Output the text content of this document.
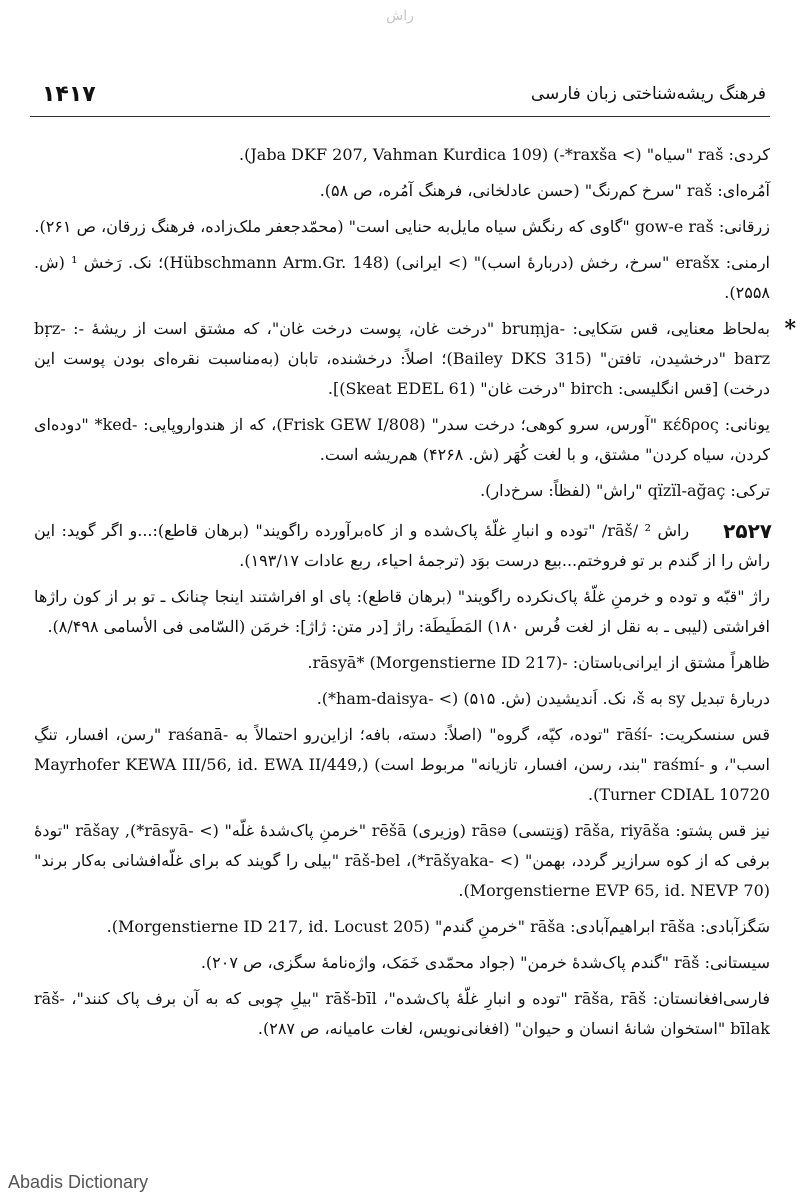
راش
۱۴۱۷	فرهنگ ریشه‌شناختی زبان فارسی

کردی: raš ‏"سیاه" (> ‎*raxša-) (Jaba DKF 207, Vahman Kurdica 109).

آمُره‌ای: raš "سرخ کم‌رنگ" (حسن عادلخانی، فرهنگ آمُره، ص ۵۸).

زرقانی: gow-e raš "گاوی که رنگش سیاه مایل‌به حنایی است" (محمّدجعفر ملک‌زاده، فرهنگ زرقان، ص ۲۶۱).

ارمنی: erašx "سرخ، رخش (دربارهٔ اسب)" (> ایرانی) (Hübschmann Arm.Gr. 148)؛ نک. رَخش ¹ (ش. ۲۵۵۸).

*

به‌لحاظ معنایی، قس سَکایی: -bruṃja "درخت غان، پوست درخت غان"، که مشتق است از ریشهٔ -bṛz- : barz "درخشیدن، تافتن" (Bailey DKS 315)؛ اصلاً: درخشنده، تابان (به‌مناسبت نقره‌ای بودن پوست این درخت) [قس انگلیسی: birch "درخت غان" (Skeat EDEL 61)].

یونانی: κέδρος "آورس، سرو کوهی؛ درخت سدر" (Frisk GEW I/808)، که از هندواروپایی: -ked* "دوده‌ای کردن، سیاه کردن" مشتق، و با لغت کُهَر (ش. ۴۲۶۸) هم‌ریشه است.

ترکی: qïzïl-ağaç "راش" (لفظاً: سرخ‌دار).

۲۵۲۷
راش ² /rāš/ "توده و انبارِ غلّهٔ پاک‌شده و از کاه‌برآورده راگویند" (برهان قاطع):...و اگر گوید: این راش را از گندم بر تو فروختم...بیع درست بوَد (ترجمهٔ احیاء، ربع عادات ۱۹۳/۱۷).

راژ "قبّه و توده و خرمنِ غلّهٔ پاک‌نکرده راگویند" (برهان قاطع): پای او افراشتند اینجا چنانک ـ تو بر از کون راژها افراشتی (لیبی ـ به نقل از لغت فُرس ۱۸۰) المَطَیطَة: راژ [در متن: ژاژ]: خرمَن (السّامی فی الأسامی ۸/۴۹۸).

ظاهراً مشتق از ایرانی‌باستان: -rāsyā* (Morgenstierne ID 217).

دربارهٔ تبدیل sy به š، نک. اَندیشیدن (ش. ۵۱۵) (> -ham-daisya*).

قس سنسکریت: -rāśí "توده، کپّه، گروه" (اصلاً: دسته، بافه؛ ازاین‌رو احتمالاً به -raśanā "رسن، افسار، تنگِ اسب"، و -raśmí "بند، رسن، افسار، تازیانه" مربوط است) (Mayrhofer KEWA III/56, id. EWA II/449, Turner CDIAL 10720).

نیز قس پشتو: rāša, riyāša (وَنِتسی) rāsə (وزیری) rēšā "خرمنِ پاک‌شدهٔ غلّه" (> -rāsyā*), rāšay "تودهٔ برفی که از کوه سرازیر گردد، بهمن" (> -rāšyaka*)، rāš-bel "بیلی را گویند که برای غلّه‌افشانی به‌کار برند" (Morgenstierne EVP 65, id. NEVP 70).

سَگزآبادی: rāša ابراهیم‌آبادی: rāša "خرمنِ گندم" (Morgenstierne ID 217, id. Locust 205).

سیستانی: rāš "گندم پاک‌شدهٔ خرمن" (جواد محمّدی خَمَک، واژه‌نامهٔ سگزی، ص ۲۰۷).

فارسی‌افغانستان: rāša, rāš "توده و انبارِ غلّهٔ پاک‌شده"، rāš-bīl "بیلِ چوبی که به آن برف پاک کنند"، rāš-bīlak "استخوان شانهٔ انسان و حیوان" (افغانی‌نویس، لغات عامیانه، ص ۲۸۷).

Abadis Dictionary
